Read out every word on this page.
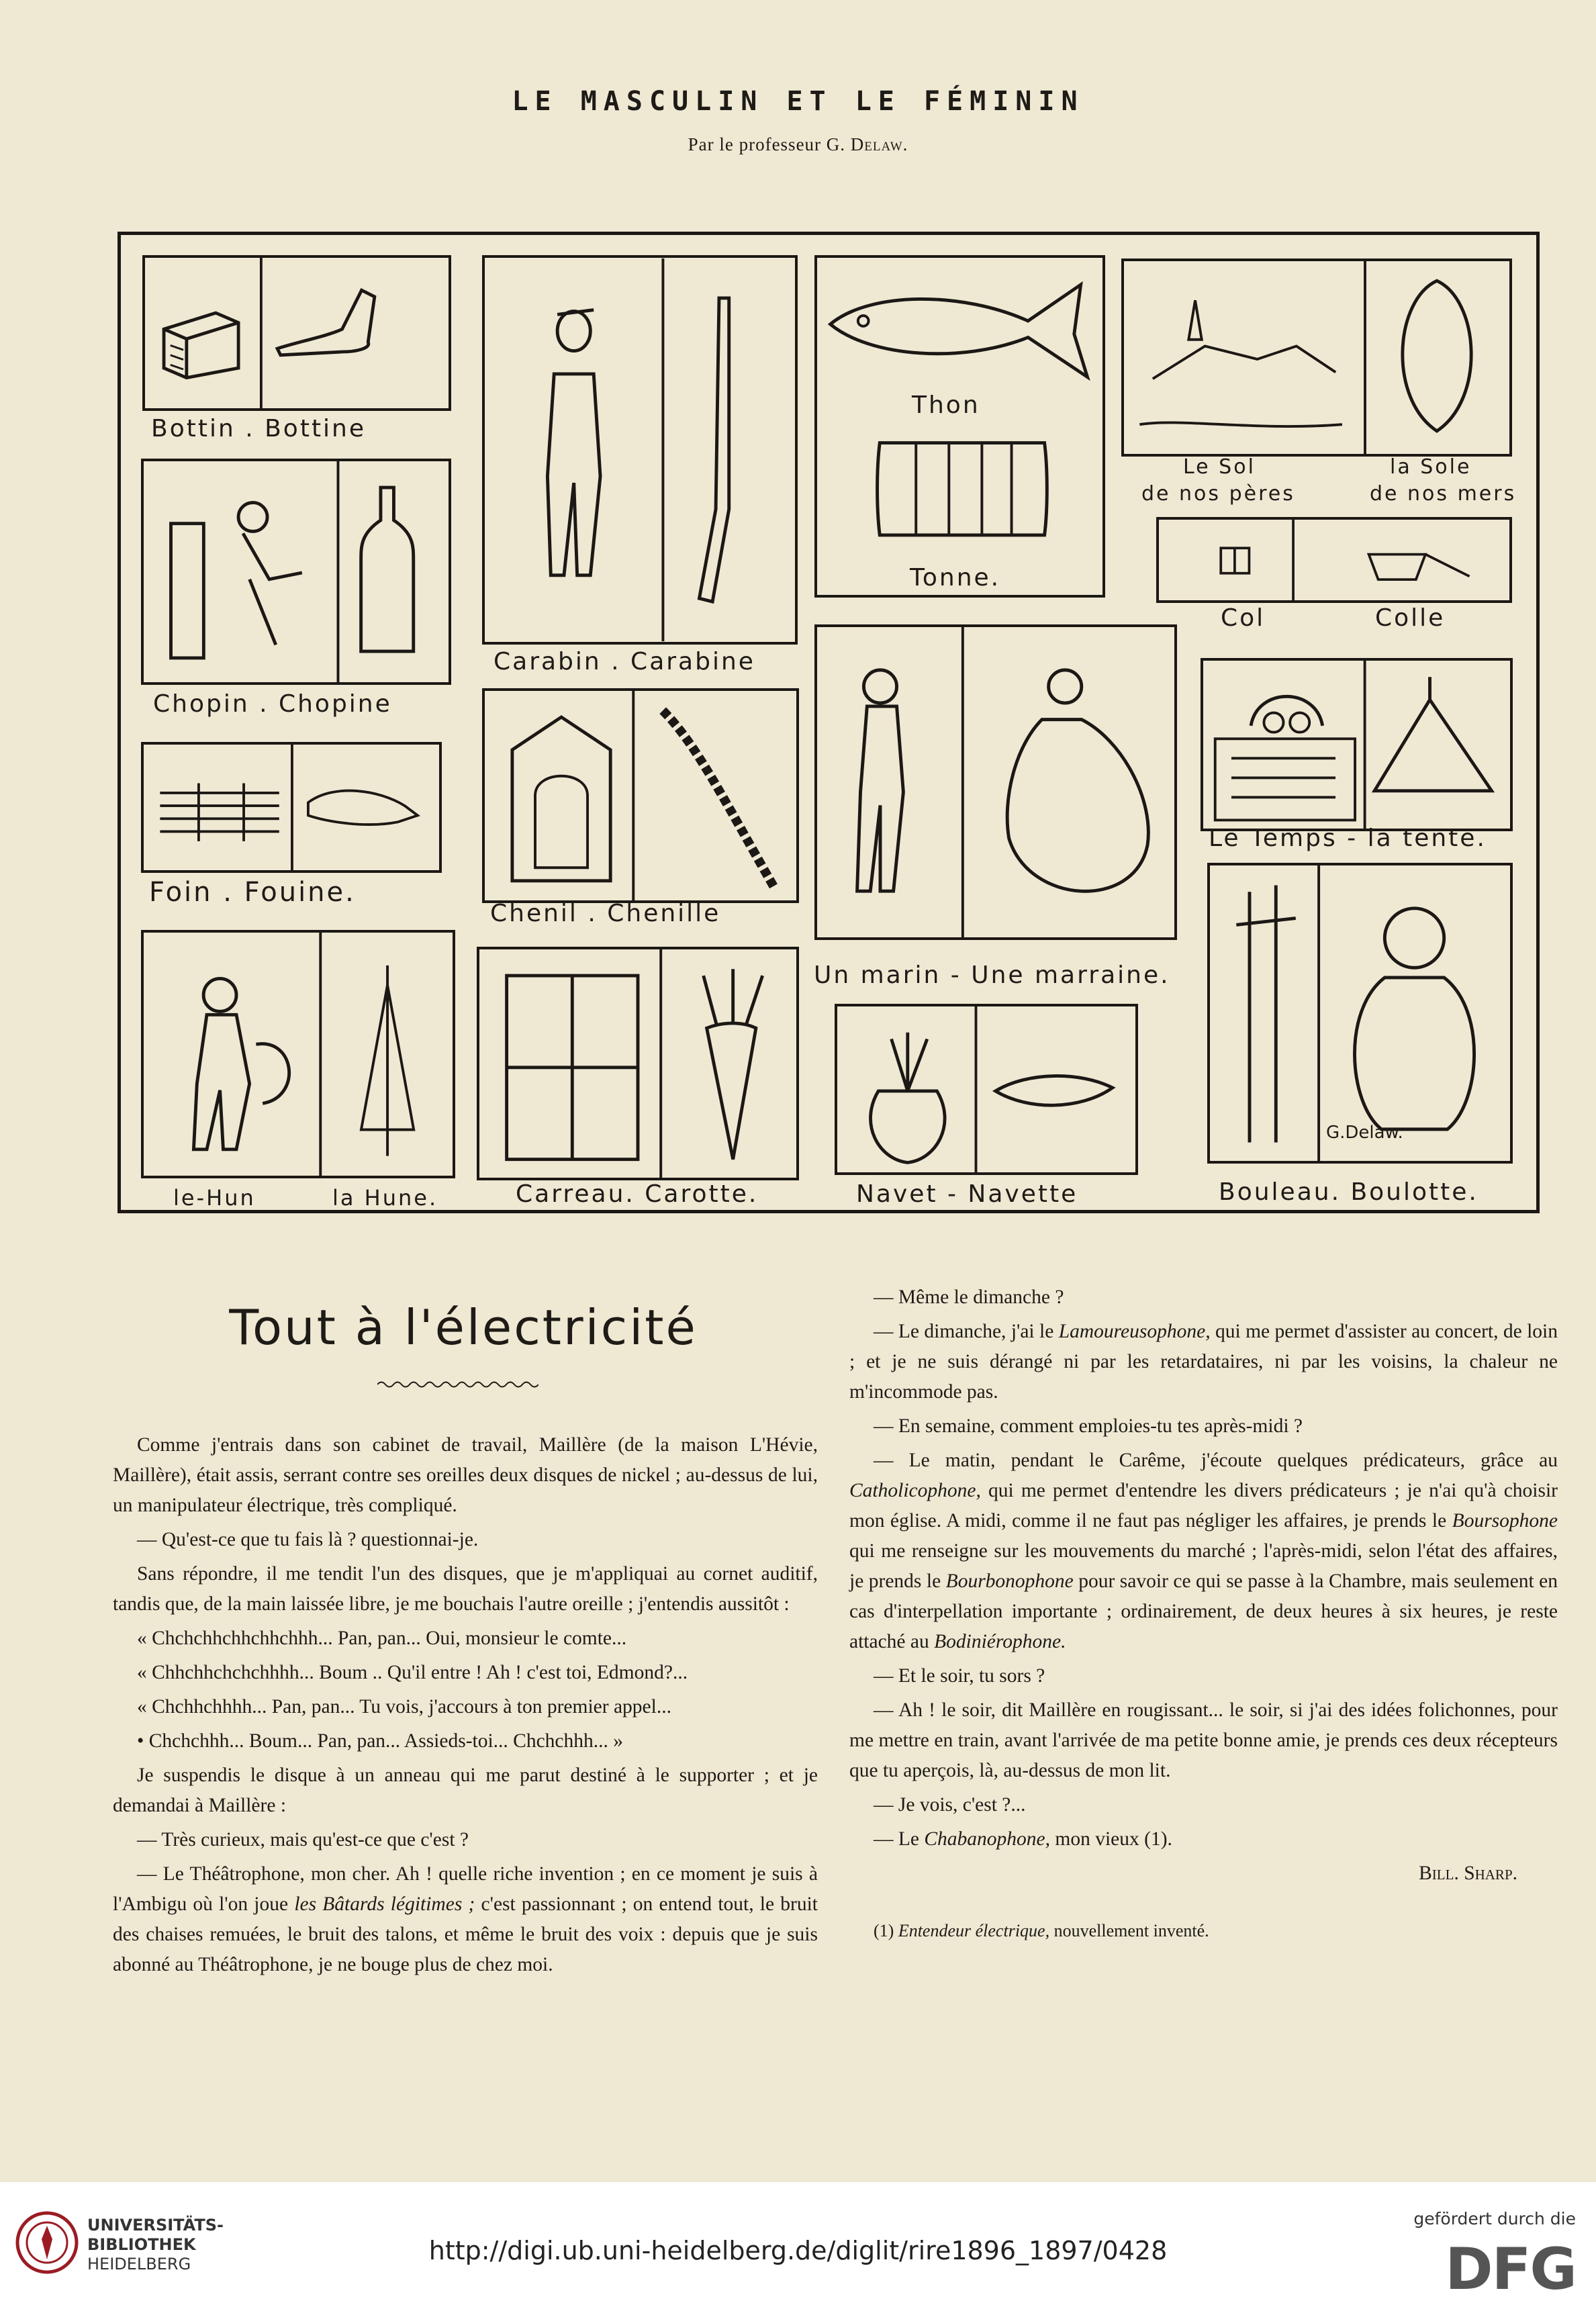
LE MASCULIN ET LE FÉMININ
Par le professeur G. Delaw.
Bottin . Bottine
Carabin . Carabine
Thon
Tonne.
Le Sol
de nos pères
la Sole
de nos mers
Col	Colle
Chopin . Chopine
Le Temps - la tente.
Foin . Fouine.
Chenil . Chenille
Un marin - Une marraine.
G.Delaw.
Bouleau. Boulotte.
le-Hun	la Hune.	Carreau. Carotte.	Navet - Navette
Tout à l'électricité

Comme j'entrais dans son cabinet de travail, Maillère (de la maison L'Hévie, Maillère), était assis, serrant contre ses oreilles deux disques de nickel ; au-dessus de lui, un manipulateur électrique, très compliqué.

— Qu'est-ce que tu fais là ? questionnai-je.

Sans répondre, il me tendit l'un des disques, que je m'appliquai au cornet auditif, tandis que, de la main laissée libre, je me bouchais l'autre oreille ; j'entendis aussitôt :

« Chchchhchhchhchhh... Pan, pan... Oui, monsieur le comte...

« Chhchhchchchhhh... Boum .. Qu'il entre ! Ah ! c'est toi, Edmond?...

« Chchhchhhh... Pan, pan... Tu vois, j'accours à ton premier appel...

• Chchchhh... Boum... Pan, pan... Assieds-toi... Chchchhh... »

Je suspendis le disque à un anneau qui me parut destiné à le supporter ; et je demandai à Maillère :

— Très curieux, mais qu'est-ce que c'est ?

— Le Théâtrophone, mon cher. Ah ! quelle riche invention ; en ce moment je suis à l'Ambigu où l'on joue les Bâtards légitimes ; c'est passionnant ; on entend tout, le bruit des chaises remuées, le bruit des talons, et même le bruit des voix : depuis que je suis abonné au Théâtrophone, je ne bouge plus de chez moi.

— Même le dimanche ?

— Le dimanche, j'ai le Lamoureusophone, qui me permet d'assister au concert, de loin ; et je ne suis dérangé ni par les retardataires, ni par les voisins, la chaleur ne m'incommode pas.

— En semaine, comment emploies-tu tes après-midi ?

— Le matin, pendant le Carême, j'écoute quelques prédicateurs, grâce au Catholicophone, qui me permet d'entendre les divers prédicateurs ; je n'ai qu'à choisir mon église. A midi, comme il ne faut pas négliger les affaires, je prends le Boursophone qui me renseigne sur les mouvements du marché ; l'après-midi, selon l'état des affaires, je prends le Bourbonophone pour savoir ce qui se passe à la Chambre, mais seulement en cas d'interpellation importante ; ordinairement, de deux heures à six heures, je reste attaché au Bodiniérophone.

— Et le soir, tu sors ?

— Ah ! le soir, dit Maillère en rougissant... le soir, si j'ai des idées folichonnes, pour me mettre en train, avant l'arrivée de ma petite bonne amie, je prends ces deux récepteurs que tu aperçois, là, au-dessus de mon lit.

— Je vois, c'est ?...

— Le Chabanophone, mon vieux (1).

Bill. Sharp.

(1) Entendeur électrique, nouvellement inventé.

UNIVERSITÄTS-
BIBLIOTHEK
HEIDELBERG	http://digi.ub.uni-heidelberg.de/diglit/rire1896_1897/0428
gefördert durch die
DFG
